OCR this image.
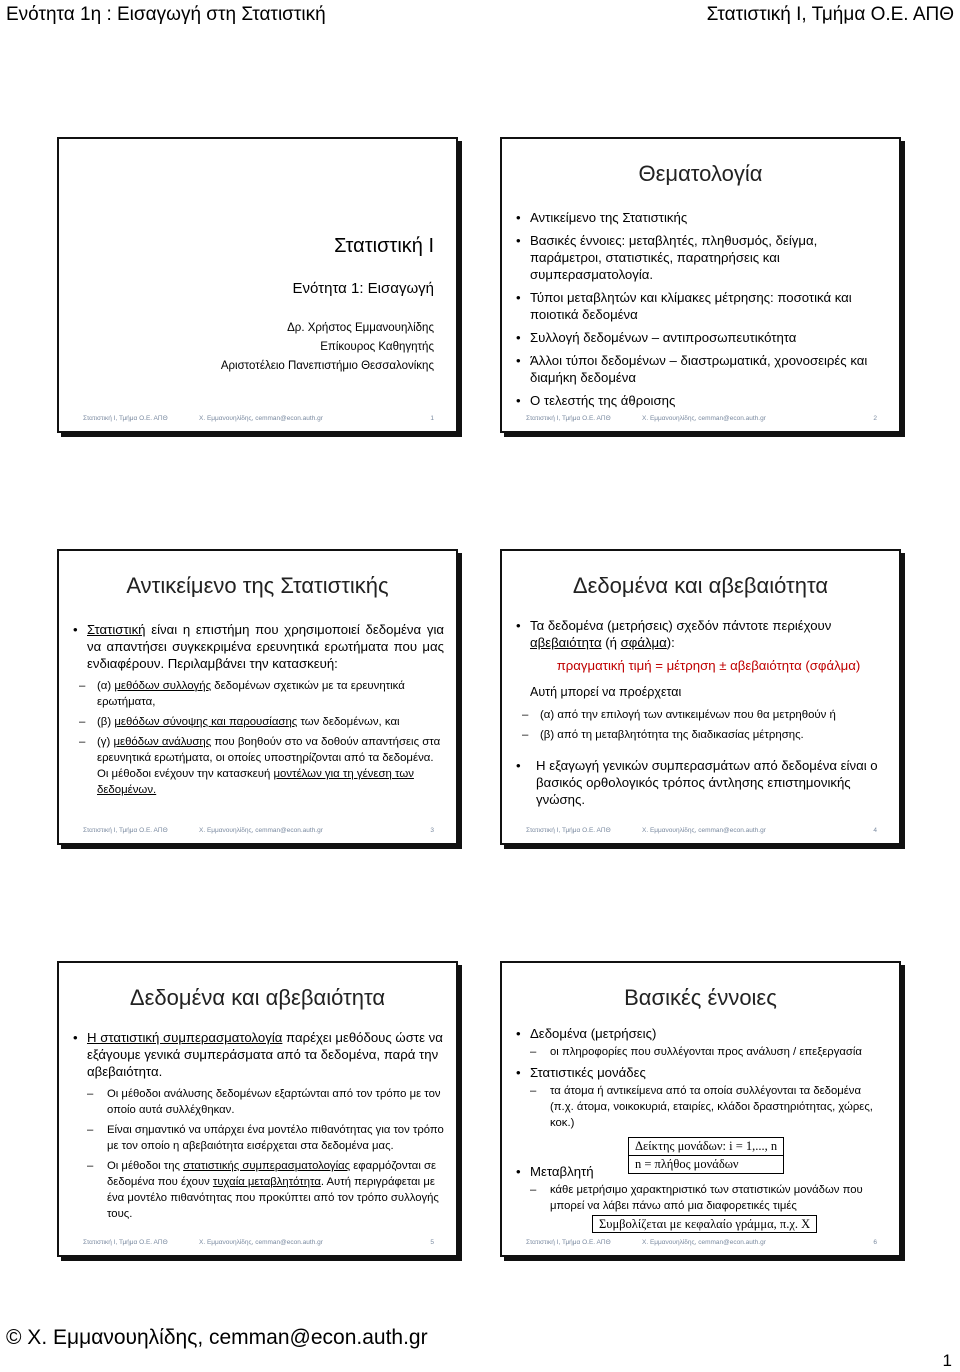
Ενότητα 1η : Εισαγωγή στη Στατιστική	Στατιστική Ι, Τμήμα Ο.Ε. ΑΠΘ
Στατιστική Ι
Ενότητα 1: Εισαγωγή
Δρ. Χρήστος Εμμανουηλίδης
Επίκουρος Καθηγητής
Αριστοτέλειο Πανεπιστήμιο Θεσσαλονίκης
Στατιστική Ι, Τμήμα Ο.Ε. ΑΠΘ	Χ. Εμμανουηλίδης, cemman@econ.auth.gr	1
Θεματολογία
• Αντικείμενο της Στατιστικής
• Βασικές έννοιες: μεταβλητές, πληθυσμός, δείγμα, παράμετροι, στατιστικές, παρατηρήσεις και συμπερασματολογία.
• Τύποι μεταβλητών και κλίμακες μέτρησης: ποσοτικά και ποιοτικά δεδομένα
• Συλλογή δεδομένων – αντιπροσωπευτικότητα
• Άλλοι τύποι δεδομένων – διαστρωματικά, χρονοσειρές και διαμήκη δεδομένα
• Ο τελεστής της άθροισης
Στατιστική Ι, Τμήμα Ο.Ε. ΑΠΘ	Χ. Εμμανουηλίδης, cemman@econ.auth.gr	2
Αντικείμενο της Στατιστικής
• Στατιστική είναι η επιστήμη που χρησιμοποιεί δεδομένα για να απαντήσει συγκεκριμένα ερευνητικά ερωτήματα που μας ενδιαφέρουν. Περιλαμβάνει την κατασκευή:
– (α) μεθόδων συλλογής δεδομένων σχετικών με τα ερευνητικά ερωτήματα,
– (β) μεθόδων σύνοψης και παρουσίασης των δεδομένων, και
– (γ) μεθόδων ανάλυσης που βοηθούν στο να δοθούν απαντήσεις στα ερευνητικά ερωτήματα, οι οποίες υποστηρίζονται από τα δεδομένα. Οι μέθοδοι ενέχουν την κατασκευή μοντέλων για τη γένεση των δεδομένων.
Στατιστική Ι, Τμήμα Ο.Ε. ΑΠΘ	Χ. Εμμανουηλίδης, cemman@econ.auth.gr	3
Δεδομένα και αβεβαιότητα
• Τα δεδομένα (μετρήσεις) σχεδόν πάντοτε περιέχουν αβεβαιότητα (ή σφάλμα):
πραγματική τιμή = μέτρηση ± αβεβαιότητα (σφάλμα)
Αυτή μπορεί να προέρχεται
– (α) από την επιλογή των αντικειμένων που θα μετρηθούν ή
– (β) από τη μεταβλητότητα της διαδικασίας μέτρησης.
• Η εξαγωγή γενικών συμπερασμάτων από δεδομένα είναι ο βασικός ορθολογικός τρόπος άντλησης επιστημονικής γνώσης.
Στατιστική Ι, Τμήμα Ο.Ε. ΑΠΘ	Χ. Εμμανουηλίδης, cemman@econ.auth.gr	4
Δεδομένα και αβεβαιότητα
• Η στατιστική συμπερασματολογία παρέχει μεθόδους ώστε να εξάγουμε γενικά συμπεράσματα από τα δεδομένα, παρά την αβεβαιότητα.
– Οι μέθοδοι ανάλυσης δεδομένων εξαρτώνται από τον τρόπο με τον οποίο αυτά συλλέχθηκαν.
– Είναι σημαντικό να υπάρχει ένα μοντέλο πιθανότητας για τον τρόπο με τον οποίο η αβεβαιότητα εισέρχεται στα δεδομένα μας.
– Οι μέθοδοι της στατιστικής συμπερασματολογίας εφαρμόζονται σε δεδομένα που έχουν τυχαία μεταβλητότητα. Αυτή περιγράφεται με ένα μοντέλο πιθανότητας που προκύπτει από τον τρόπο συλλογής τους.
Στατιστική Ι, Τμήμα Ο.Ε. ΑΠΘ	Χ. Εμμανουηλίδης, cemman@econ.auth.gr	5
Βασικές έννοιες
• Δεδομένα (μετρήσεις)
– οι πληροφορίες που συλλέγονται προς ανάλυση / επεξεργασία
• Στατιστικές μονάδες
– τα άτομα ή αντικείμενα από τα οποία συλλέγονται τα δεδομένα (π.χ. άτομα, νοικοκυριά, εταιρίες, κλάδοι δραστηριότητας, χώρες, κοκ.)
Δείκτης μονάδων: i = 1,..., n
n = πλήθος μονάδων
• Μεταβλητή
– κάθε μετρήσιμο χαρακτηριστικό των στατιστικών μονάδων που μπορεί να λάβει πάνω από μια διαφορετικές τιμές
Συμβολίζεται με κεφαλαίο γράμμα, π.χ. X
Στατιστική Ι, Τμήμα Ο.Ε. ΑΠΘ	Χ. Εμμανουηλίδης, cemman@econ.auth.gr	6
© Χ. Εμμανουηλίδης, cemman@econ.auth.gr
1
